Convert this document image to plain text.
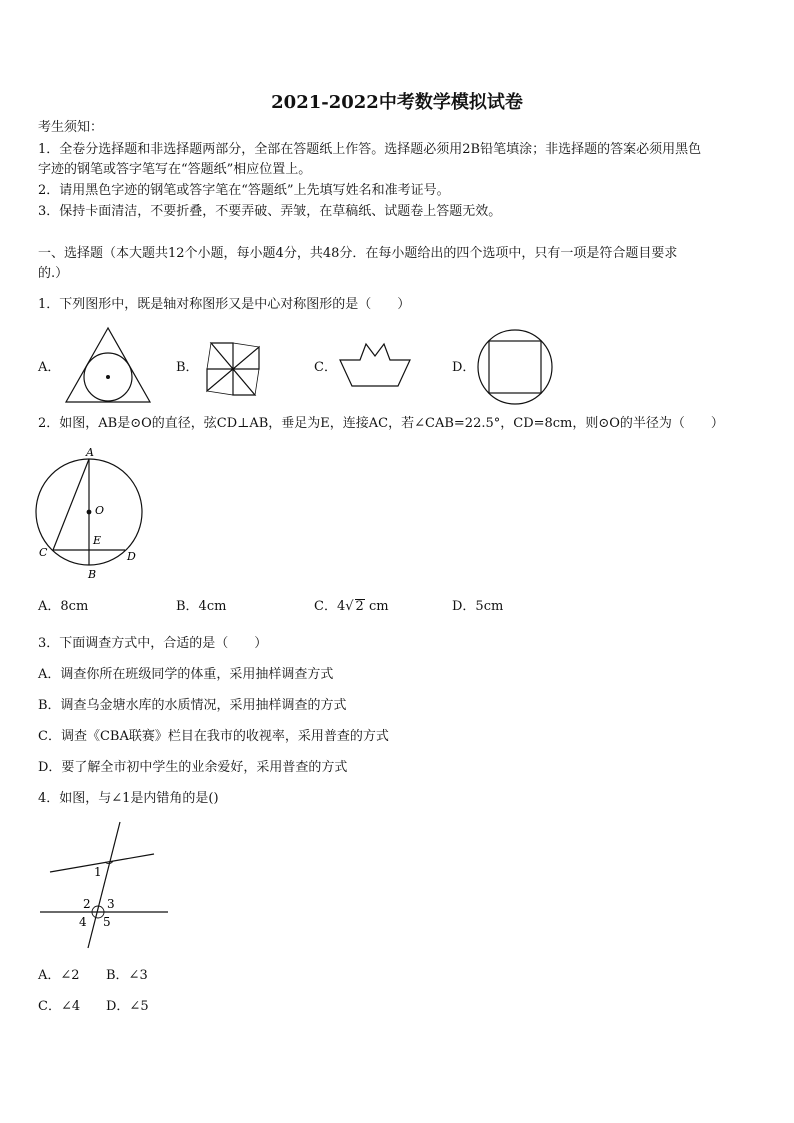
2021-2022中考数学模拟试卷
考生须知：
1．全卷分选择题和非选择题两部分，全部在答题纸上作答。选择题必须用2B铅笔填涂；非选择题的答案必须用黑色
字迹的钢笔或答字笔写在“答题纸”相应位置上。
2．请用黑色字迹的钢笔或答字笔在“答题纸”上先填写姓名和准考证号。
3．保持卡面清洁，不要折叠，不要弄破、弄皱，在草稿纸、试题卷上答题无效。
一、选择题（本大题共12个小题，每小题4分，共48分．在每小题给出的四个选项中，只有一项是符合题目要求
的.）
1．下列图形中，既是轴对称图形又是中心对称图形的是（　　）
A．	B．	C．	D．
2．如图，AB是⊙O的直径，弦CD⊥AB，垂足为E，连接AC，若∠CAB=22.5°，CD=8cm，则⊙O的半径为（　　）
A
O
E
C	D
B
A．8cm	B．4cm	C．4√ 2 cm	D．5cm
3．下面调查方式中，合适的是（　　）
A．调查你所在班级同学的体重，采用抽样调查方式
B．调查乌金塘水库的水质情况，采用抽样调查的方式
C．调查《CBA联赛》栏目在我市的收视率，采用普查的方式
D．要了解全市初中学生的业余爱好，采用普查的方式
4．如图，与∠1是内错角的是()
1
2 3
4 5
A．∠2 B．∠3
C．∠4 D．∠5
